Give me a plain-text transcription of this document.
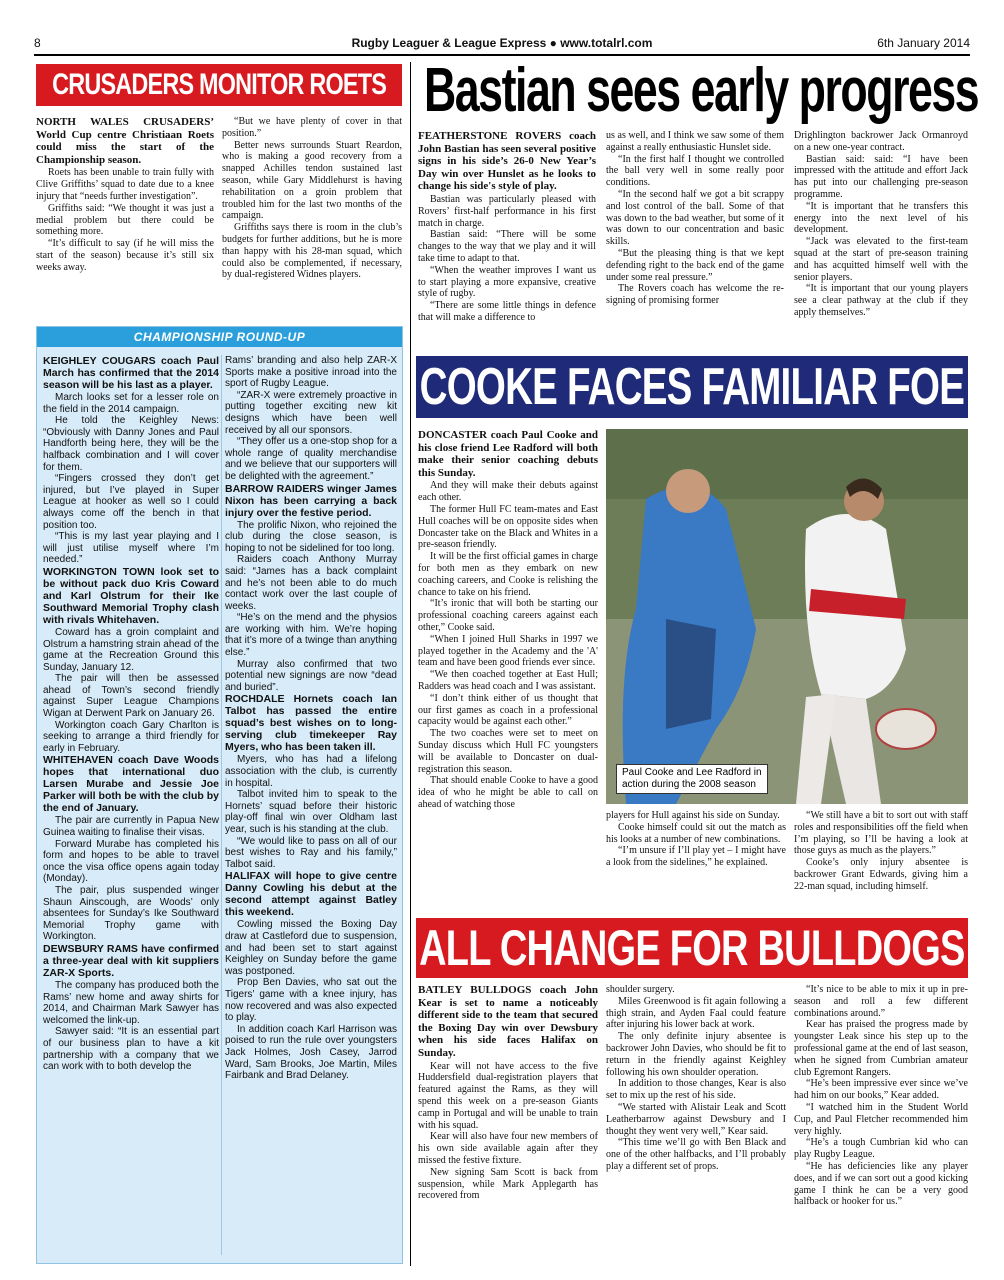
8	Rugby Leaguer & League Express ● www.totalrl.com	6th January 2014
CRUSADERS MONITOR ROETS

NORTH WALES CRUSADERS’ World Cup centre Christiaan Roets could miss the start of the Championship season.

Roets has been unable to train fully with Clive Griffiths’ squad to date due to a knee injury that “needs further investigation”.

Griffiths said: “We thought it was just a medial problem but there could be something more.

“It’s difficult to say (if he will miss the start of the season) because it’s still six weeks away.

“But we have plenty of cover in that position.”

Better news surrounds Stuart Reardon, who is making a good recovery from a snapped Achilles tendon sustained last season, while Gary Middlehurst is having rehabilitation on a groin problem that troubled him for the last two months of the campaign.

Griffiths says there is room in the club’s budgets for further additions, but he is more than happy with his 28-man squad, which could also be complemented, if necessary, by dual-registered Widnes players.

CHAMPIONSHIP ROUND-UP

KEIGHLEY COUGARS coach Paul March has confirmed that the 2014 season will be his last as a player.

March looks set for a lesser role on the field in the 2014 campaign.

He told the Keighley News: “Obviously with Danny Jones and Paul Handforth being here, they will be the halfback combination and I will cover for them.

“Fingers crossed they don’t get injured, but I’ve played in Super League at hooker as well so I could always come off the bench in that position too.

“This is my last year playing and I will just utilise myself where I’m needed.”

WORKINGTON TOWN look set to be without pack duo Kris Coward and Karl Olstrum for their Ike Southward Memorial Trophy clash with rivals Whitehaven.

Coward has a groin complaint and Olstrum a hamstring strain ahead of the game at the Recreation Ground this Sunday, January 12.

The pair will then be assessed ahead of Town’s second friendly against Super League Champions Wigan at Derwent Park on January 26.

Workington coach Gary Charlton is seeking to arrange a third friendly for early in February.

WHITEHAVEN coach Dave Woods hopes that international duo Larsen Murabe and Jessie Joe Parker will both be with the club by the end of January.

The pair are currently in Papua New Guinea waiting to finalise their visas.

Forward Murabe has completed his form and hopes to be able to travel once the visa office opens again today (Monday).

The pair, plus suspended winger Shaun Ainscough, are Woods’ only absentees for Sunday’s Ike Southward Memorial Trophy game with Workington.

DEWSBURY RAMS have confirmed a three-year deal with kit suppliers ZAR-X Sports.

The company has produced both the Rams’ new home and away shirts for 2014, and Chairman Mark Sawyer has welcomed the link-up.

Sawyer said: “It is an essential part of our business plan to have a kit partnership with a company that we can work with to both develop the

Rams’ branding and also help ZAR-X Sports make a positive inroad into the sport of Rugby League.

“ZAR-X were extremely proactive in putting together exciting new kit designs which have been well received by all our sponsors.

“They offer us a one-stop shop for a whole range of quality merchandise and we believe that our supporters will be delighted with the agreement.”

BARROW RAIDERS winger James Nixon has been carrying a back injury over the festive period.

The prolific Nixon, who rejoined the club during the close season, is hoping to not be sidelined for too long.

Raiders coach Anthony Murray said: “James has a back complaint and he’s not been able to do much contact work over the last couple of weeks.

“He’s on the mend and the physios are working with him. We’re hoping that it’s more of a twinge than anything else.”

Murray also confirmed that two potential new signings are now “dead and buried”.

ROCHDALE Hornets coach Ian Talbot has passed the entire squad’s best wishes on to long-serving club timekeeper Ray Myers, who has been taken ill.

Myers, who has had a lifelong association with the club, is currently in hospital.

Talbot invited him to speak to the Hornets’ squad before their historic play-off final win over Oldham last year, such is his standing at the club.

“We would like to pass on all of our best wishes to Ray and his family,” Talbot said.

HALIFAX will hope to give centre Danny Cowling his debut at the second attempt against Batley this weekend.

Cowling missed the Boxing Day draw at Castleford due to suspension, and had been set to start against Keighley on Sunday before the game was postponed.

Prop Ben Davies, who sat out the Tigers’ game with a knee injury, has now recovered and was also expected to play.

In addition coach Karl Harrison was poised to run the rule over youngsters Jack Holmes, Josh Casey, Jarrod Ward, Sam Brooks, Joe Martin, Miles Fairbank and Brad Delaney.

Bastian sees early progress

FEATHERSTONE ROVERS coach John Bastian has seen several positive signs in his side’s 26-0 New Year’s Day win over Hunslet as he looks to change his side's style of play.

Bastian was particularly pleased with Rovers’ first-half performance in his first match in charge.

Bastian said: “There will be some changes to the way that we play and it will take time to adapt to that.

“When the weather improves I want us to start playing a more expansive, creative style of rugby.

“There are some little things in defence that will make a difference to

us as well, and I think we saw some of them against a really enthusiastic Hunslet side.

“In the first half I thought we controlled the ball very well in some really poor conditions.

“In the second half we got a bit scrappy and lost control of the ball. Some of that was down to the bad weather, but some of it was down to our concentration and basic skills.

“But the pleasing thing is that we kept defending right to the back end of the game under some real pressure.”

The Rovers coach has welcome the re-signing of promising former

Drighlington backrower Jack Ormanroyd on a new one-year contract.

Bastian said: said: “I have been impressed with the attitude and effort Jack has put into our challenging pre-season programme.

“It is important that he transfers this energy into the next level of his development.

“Jack was elevated to the first-team squad at the start of pre-season training and has acquitted himself well with the senior players.

“It is important that our young players see a clear pathway at the club if they apply themselves.”

COOKE FACES FAMILIAR FOE

DONCASTER coach Paul Cooke and his close friend Lee Radford will both make their senior coaching debuts this Sunday.

And they will make their debuts against each other.

The former Hull FC team-mates and East Hull coaches will be on opposite sides when Doncaster take on the Black and Whites in a pre-season friendly.

It will be the first official games in charge for both men as they embark on new coaching careers, and Cooke is relishing the chance to take on his friend.

“It’s ironic that will both be starting our professional coaching careers against each other,” Cooke said.

“When I joined Hull Sharks in 1997 we played together in the Academy and the 'A' team and have been good friends ever since.

“We then coached together at East Hull; Radders was head coach and I was assistant.

“I don’t think either of us thought that our first games as coach in a professional capacity would be against each other.”

The two coaches were set to meet on Sunday discuss which Hull FC youngsters will be available to Doncaster on dual-registration this season.

That should enable Cooke to have a good idea of who he might be able to call on ahead of watching those

Paul Cooke and Lee Radford in
action during the 2008 season

players for Hull against his side on Sunday.

Cooke himself could sit out the match as his looks at a number of new combinations.

“I’m unsure if I’ll play yet – I might have a look from the sidelines,” he explained.

“We still have a bit to sort out with staff roles and responsibilities off the field when I’m playing, so I’ll be having a look at those guys as much as the players.”

Cooke’s only injury absentee is backrower Grant Edwards, giving him a 22-man squad, including himself.

ALL CHANGE FOR BULLDOGS

BATLEY BULLDOGS coach John Kear is set to name a noticeably different side to the team that secured the Boxing Day win over Dewsbury when his side faces Halifax on Sunday.

Kear will not have access to the five Huddersfield dual-registration players that featured against the Rams, as they will spend this week on a pre-season Giants camp in Portugal and will be unable to train with his squad.

Kear will also have four new members of his own side available again after they missed the festive fixture.

New signing Sam Scott is back from suspension, while Mark Applegarth has recovered from

shoulder surgery.

Miles Greenwood is fit again following a thigh strain, and Ayden Faal could feature after injuring his lower back at work.

The only definite injury absentee is backrower John Davies, who should be fit to return in the friendly against Keighley following his own shoulder operation.

In addition to those changes, Kear is also set to mix up the rest of his side.

“We started with Alistair Leak and Scott Leatherbarrow against Dewsbury and I thought they went very well,” Kear said.

“This time we’ll go with Ben Black and one of the other halfbacks, and I’ll probably play a different set of props.

“It’s nice to be able to mix it up in pre-season and roll a few different combinations around.”

Kear has praised the progress made by youngster Leak since his step up to the professional game at the end of last season, when he signed from Cumbrian amateur club Egremont Rangers.

“He’s been impressive ever since we’ve had him on our books,” Kear added.

“I watched him in the Student World Cup, and Paul Fletcher recommended him very highly.

“He’s a tough Cumbrian kid who can play Rugby League.

“He has deficiencies like any player does, and if we can sort out a good kicking game I think he can be a very good halfback or hooker for us.”
